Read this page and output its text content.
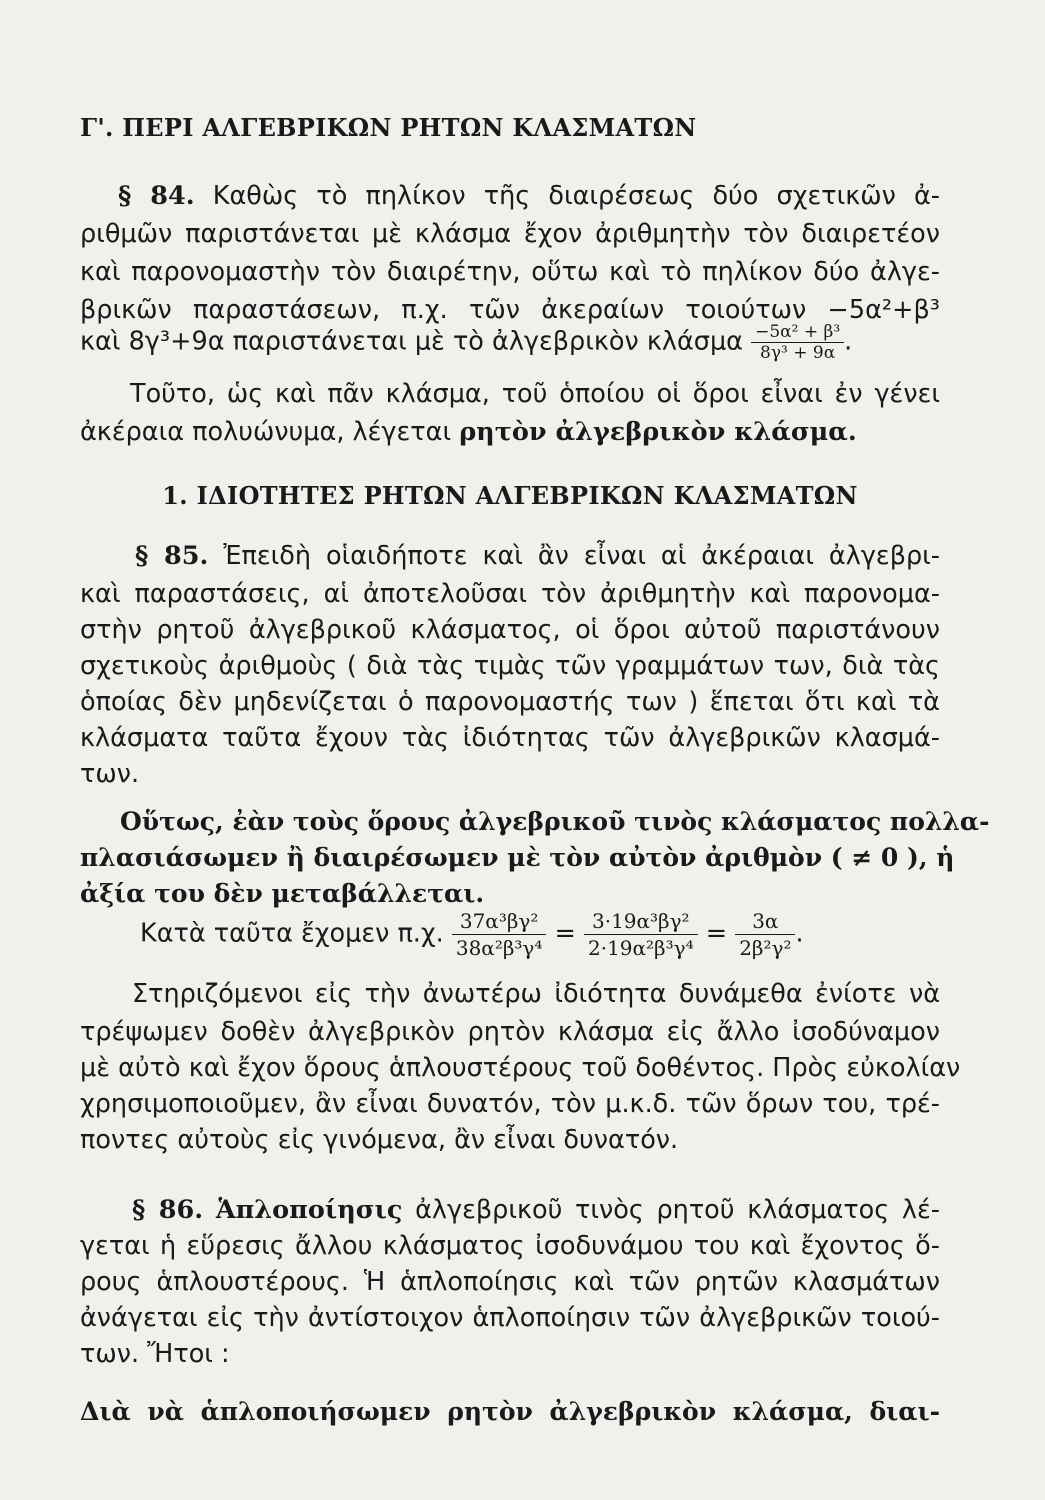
Γ'. ΠΕΡΙ ΑΛΓΕΒΡΙΚΩΝ ΡΗΤΩΝ ΚΛΑΣΜΑΤΩΝ
§ 84. Καθὼς τὸ πηλίκον τῆς διαιρέσεως δύο σχετικῶν ἀ-
ριθμῶν παριστάνεται μὲ κλάσμα ἔχον ἀριθμητὴν τὸν διαιρετέον
καὶ παρονομαστὴν τὸν διαιρέτην, οὕτω καὶ τὸ πηλίκον δύο ἀλγε-
βρικῶν παραστάσεων, π.χ. τῶν ἀκεραίων τοιούτων −5α²+β³
καὶ 8γ³+9α παριστάνεται μὲ τὸ ἀλγεβρικὸν κλάσμα $\frac{\text{−5α² + β³}}{\text{8γ³ + 9α}}$ .
Τοῦτο, ὡς καὶ πᾶν κλάσμα, τοῦ ὁποίου οἱ ὅροι εἶναι ἐν γένει
ἀκέραια πολυώνυμα, λέγεται ρητὸν ἀλγεβρικὸν κλάσμα.
1. ΙΔΙΟΤΗΤΕΣ ΡΗΤΩΝ ΑΛΓΕΒΡΙΚΩΝ ΚΛΑΣΜΑΤΩΝ
§ 85. Ἐπειδὴ οἱαιδήποτε καὶ ἂν εἶναι αἱ ἀκέραιαι ἀλγεβρι-
καὶ παραστάσεις, αἱ ἀποτελοῦσαι τὸν ἀριθμητὴν καὶ παρονομα-
στὴν ρητοῦ ἀλγεβρικοῦ κλάσματος, οἱ ὅροι αὐτοῦ παριστάνουν
σχετικοὺς ἀριθμοὺς ( διὰ τὰς τιμὰς τῶν γραμμάτων των, διὰ τὰς
ὁποίας δὲν μηδενίζεται ὁ παρονομαστής των ) ἕπεται ὅτι καὶ τὰ
κλάσματα ταῦτα ἔχουν τὰς ἰδιότητας τῶν ἀλγεβρικῶν κλασμά-
των.
Οὕτως, ἐὰν τοὺς ὅρους ἀλγεβρικοῦ τινὸς κλάσματος πολλα-
πλασιάσωμεν ἢ διαιρέσωμεν μὲ τὸν αὐτὸν ἀριθμὸν ( ≠ 0 ), ἡ
ἀξία του δὲν μεταβάλλεται.
Κατὰ ταῦτα ἔχομεν π.χ. $\frac{\text{37α³βγ²}}{\text{38α²β³γ⁴}} = \frac{\text{3·19α³βγ²}}{\text{2·19α²β³γ⁴}} = \frac{3\alpha}{\text{2β²γ²}}$ .
Στηριζόμενοι εἰς τὴν ἀνωτέρω ἰδιότητα δυνάμεθα ἐνίοτε νὰ
τρέψωμεν δοθὲν ἀλγεβρικὸν ρητὸν κλάσμα εἰς ἄλλο ἰσοδύναμον
μὲ αὐτὸ καὶ ἔχον ὅρους ἁπλουστέρους τοῦ δοθέντος. Πρὸς εὐκολίαν
χρησιμοποιοῦμεν, ἂν εἶναι δυνατόν, τὸν μ.κ.δ. τῶν ὅρων του, τρέ-
ποντες αὐτοὺς εἰς γινόμενα, ἂν εἶναι δυνατόν.
§ 86. Ἁπλοποίησις ἀλγεβρικοῦ τινὸς ρητοῦ κλάσματος λέ-
γεται ἡ εὕρεσις ἄλλου κλάσματος ἰσοδυνάμου του καὶ ἔχοντος ὅ-
ρους ἁπλουστέρους. Ἡ ἁπλοποίησις καὶ τῶν ρητῶν κλασμάτων
ἀνάγεται εἰς τὴν ἀντίστοιχον ἁπλοποίησιν τῶν ἀλγεβρικῶν τοιού-
των. Ἤτοι :
Διὰ νὰ ἁπλοποιήσωμεν ρητὸν ἀλγεβρικὸν κλάσμα, διαι-
